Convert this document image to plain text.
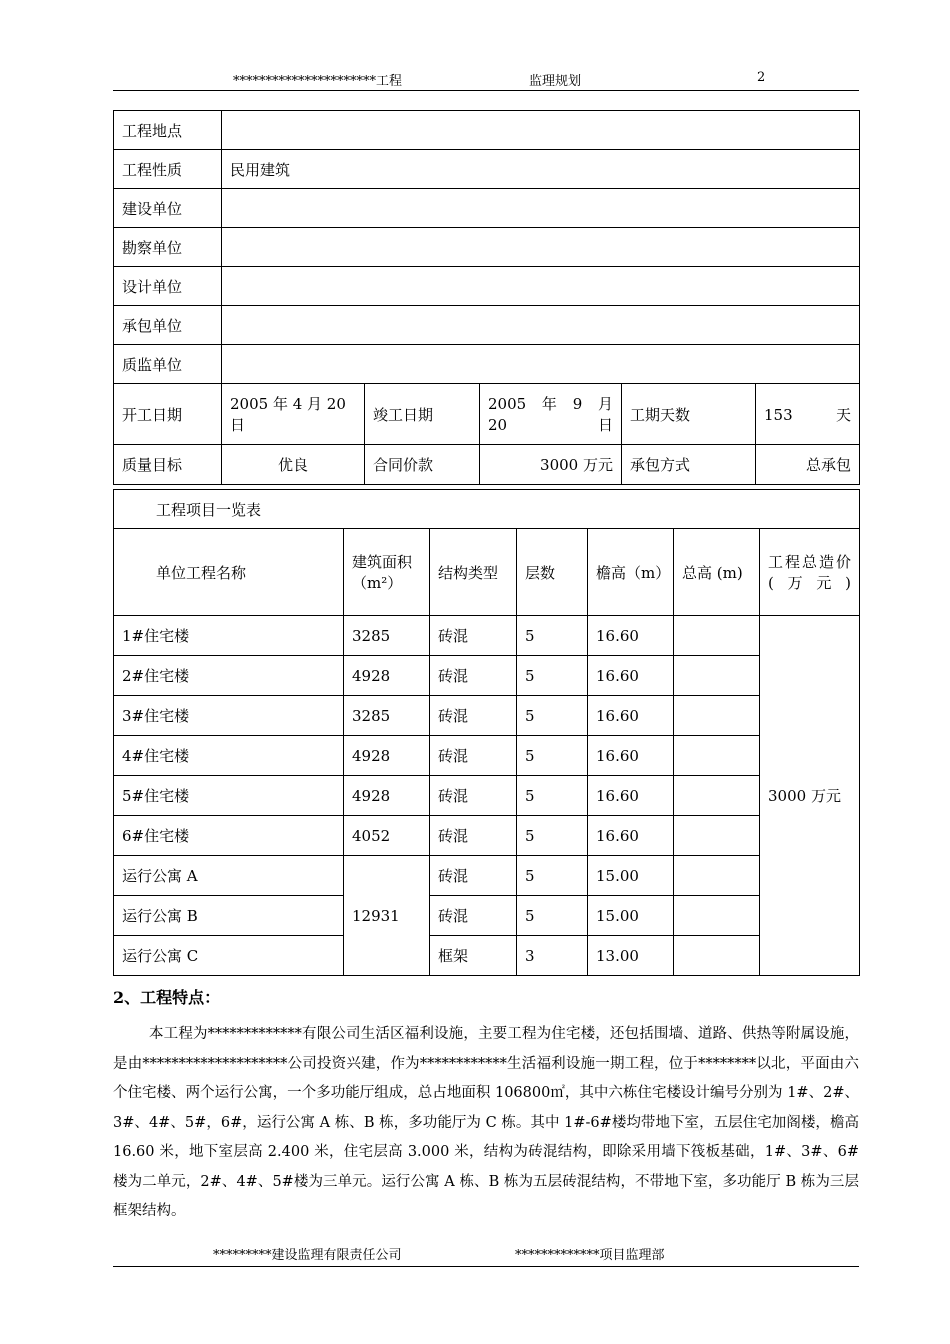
**********************工程	监理规划	2
工程地点					
工程性质	民用建筑				
建设单位					
勘察单位					
设计单位					
承包单位					
质监单位					
开工日期	2005 年 4 月 20 日	竣工日期	2005　年　9　月 20 日	工期天数	153 天
质量目标	优良	合同价款	3000 万元	承包方式	总承包
工程项目一览表						
单位工程名称	建筑面积（m²）	结构类型	层数	檐高（m）	总高 (m)	工程总造价 (万元)
1#住宅楼	3285	砖混	5	16.60		3000 万元
2#住宅楼	4928	砖混	5	16.60		
3#住宅楼	3285	砖混	5	16.60		
4#住宅楼	4928	砖混	5	16.60		
5#住宅楼	4928	砖混	5	16.60		
6#住宅楼	4052	砖混	5	16.60		
运行公寓 A	12931	砖混	5	15.00		
运行公寓 B		砖混	5	15.00		
运行公寓 C		框架	3	13.00		
2、工程特点：
本工程为*************有限公司生活区福利设施，主要工程为住宅楼，还包括围墙、道路、供热等附属设施，是由********************公司投资兴建，作为************生活福利设施一期工程，位于********以北，平面由六个住宅楼、两个运行公寓，一个多功能厅组成，总占地面积 106800㎡，其中六栋住宅楼设计编号分别为 1#、2#、3#、4#、5#，6#，运行公寓 A 栋、B 栋，多功能厅为 C 栋。其中 1#-6#楼均带地下室，五层住宅加阁楼，檐高 16.60 米，地下室层高 2.400 米，住宅层高 3.000 米，结构为砖混结构，即除采用墙下筏板基础，1#、3#、6#楼为二单元，2#、4#、5#楼为三单元。运行公寓 A 栋、B 栋为五层砖混结构，不带地下室，多功能厅 B 栋为三层框架结构。
*********建设监理有限责任公司	*************项目监理部
